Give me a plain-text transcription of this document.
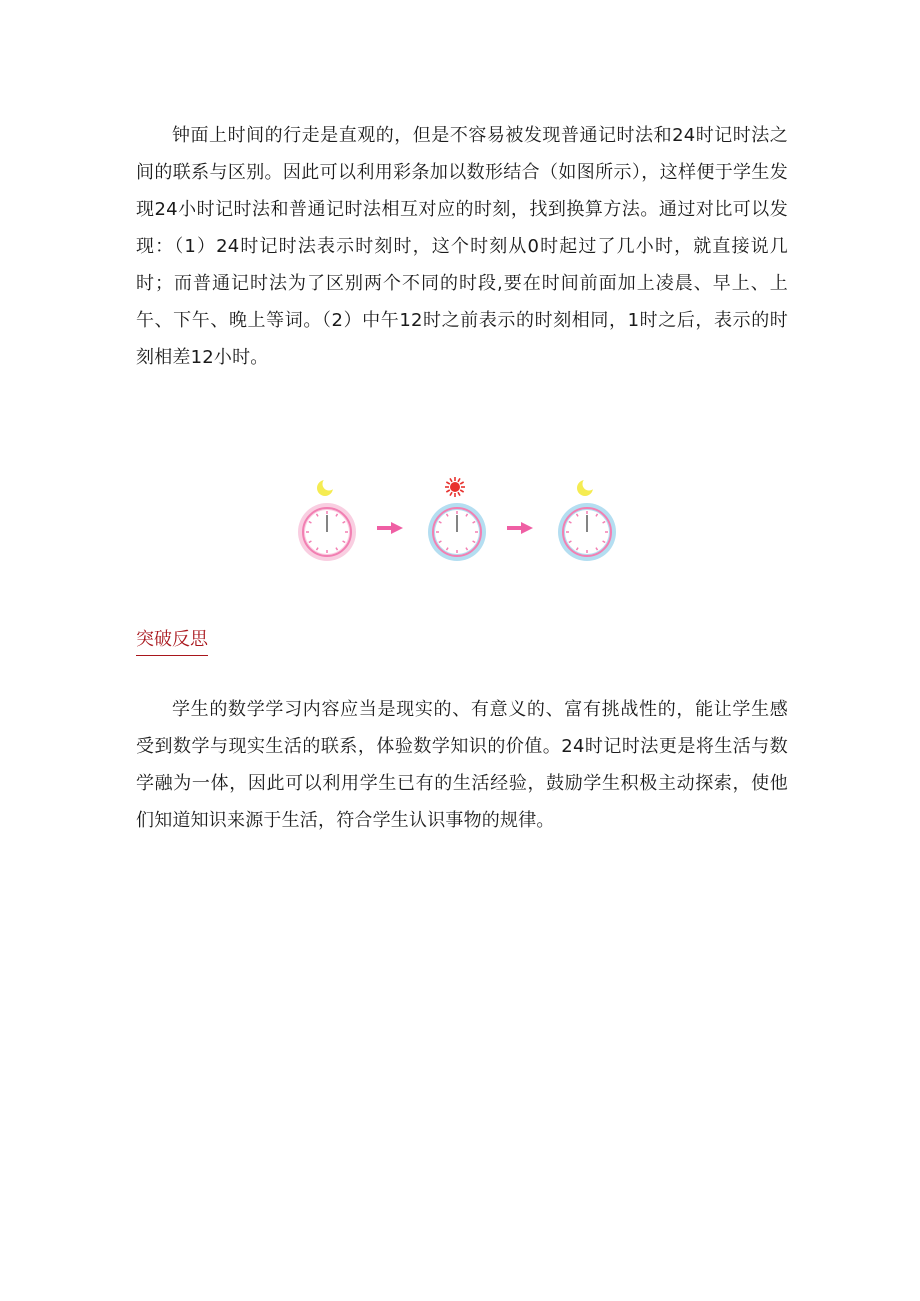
钟面上时间的行走是直观的，但是不容易被发现普通记时法和24时记时法之间的联系与区别。因此可以利用彩条加以数形结合（如图所示），这样便于学生发现24小时记时法和普通记时法相互对应的时刻，找到换算方法。通过对比可以发现：（1）24时记时法表示时刻时，这个时刻从0时起过了几小时，就直接说几时；而普通记时法为了区别两个不同的时段,要在时间前面加上凌晨、早上、上午、下午、晚上等词。（2）中午12时之前表示的时刻相同，1时之后，表示的时刻相差12小时。

突破反思

学生的数学学习内容应当是现实的、有意义的、富有挑战性的，能让学生感受到数学与现实生活的联系，体验数学知识的价值。24时记时法更是将生活与数学融为一体，因此可以利用学生已有的生活经验，鼓励学生积极主动探索，使他们知道知识来源于生活，符合学生认识事物的规律。
